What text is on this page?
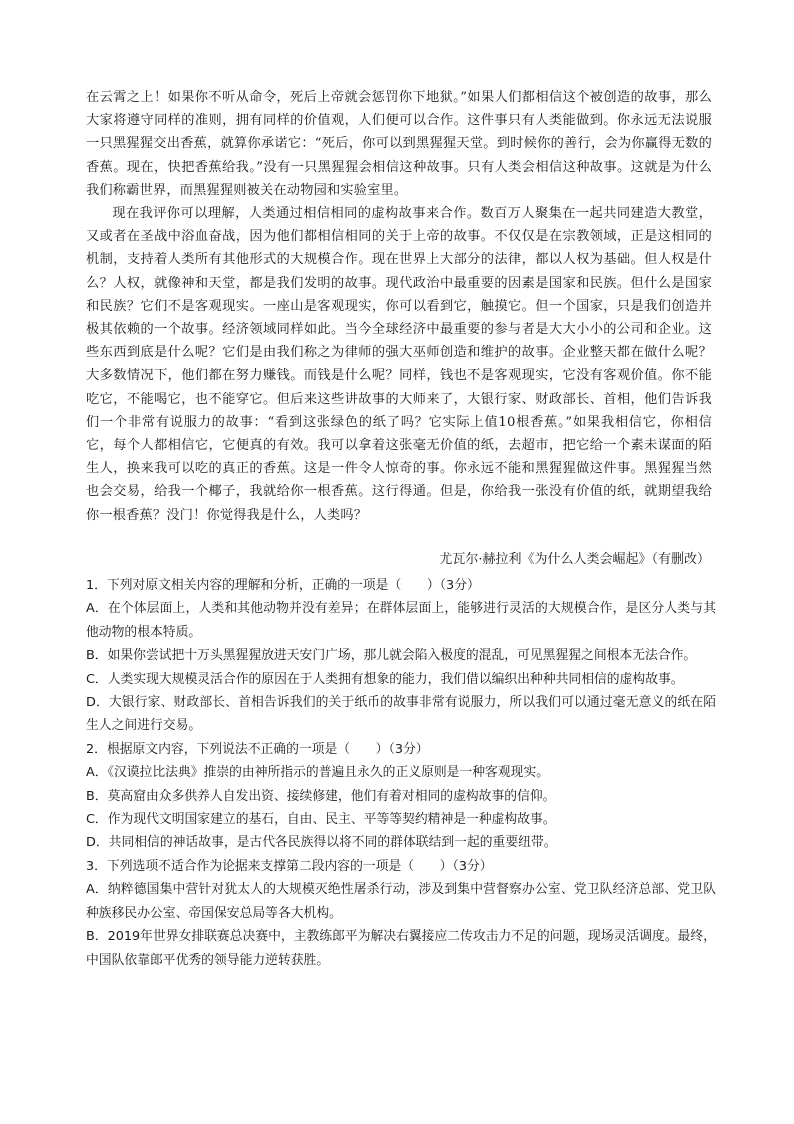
在云霄之上！如果你不听从命令，死后上帝就会惩罚你下地狱。”如果人们都相信这个被创造的故事，那么大家将遵守同样的准则，拥有同样的价值观，人们便可以合作。这件事只有人类能做到。你永远无法说服一只黑猩猩交出香蕉，就算你承诺它：“死后，你可以到黑猩猩天堂。到时候你的善行，会为你赢得无数的香蕉。现在，快把香蕉给我。”没有一只黑猩猩会相信这种故事。只有人类会相信这种故事。这就是为什么我们称霸世界，而黑猩猩则被关在动物园和实验室里。

现在我评你可以理解，人类通过相信相同的虚构故事来合作。数百万人聚集在一起共同建造大教堂，又或者在圣战中浴血奋战，因为他们都相信相同的关于上帝的故事。不仅仅是在宗教领域，正是这相同的机制，支持着人类所有其他形式的大规模合作。现在世界上大部分的法律，都以人权为基础。但人权是什么？人权，就像神和天堂，都是我们发明的故事。现代政治中最重要的因素是国家和民族。但什么是国家和民族？它们不是客观现实。一座山是客观现实，你可以看到它，触摸它。但一个国家，只是我们创造并极其依赖的一个故事。经济领域同样如此。当今全球经济中最重要的参与者是大大小小的公司和企业。这些东西到底是什么呢？它们是由我们称之为律师的强大巫师创造和维护的故事。企业整天都在做什么呢？大多数情况下，他们都在努力赚钱。而钱是什么呢？同样，钱也不是客观现实，它没有客观价值。你不能吃它，不能喝它，也不能穿它。但后来这些讲故事的大师来了，大银行家、财政部长、首相，他们告诉我们一个非常有说服力的故事：“看到这张绿色的纸了吗？它实际上值10根香蕉。”如果我相信它，你相信它，每个人都相信它，它便真的有效。我可以拿着这张毫无价值的纸，去超市，把它给一个素未谋面的陌生人，换来我可以吃的真正的香蕉。这是一件令人惊奇的事。你永远不能和黑猩猩做这件事。黑猩猩当然也会交易，给我一个椰子，我就给你一根香蕉。这行得通。但是，你给我一张没有价值的纸，就期望我给你一根香蕉？没门！你觉得我是什么，人类吗？

尤瓦尔·赫拉利《为什么人类会崛起》（有删改）

1．下列对原文相关内容的理解和分析，正确的一项是（　　）（3分）

A．在个体层面上，人类和其他动物并没有差异；在群体层面上，能够进行灵活的大规模合作，是区分人类与其他动物的根本特质。

B．如果你尝试把十万头黑猩猩放进天安门广场，那儿就会陷入极度的混乱，可见黑猩猩之间根本无法合作。

C．人类实现大规模灵活合作的原因在于人类拥有想象的能力，我们借以编织出种种共同相信的虚构故事。

D．大银行家、财政部长、首相告诉我们的关于纸币的故事非常有说服力，所以我们可以通过毫无意义的纸在陌生人之间进行交易。

2．根据原文内容，下列说法不正确的一项是（　　）（3分）

A．《汉谟拉比法典》推崇的由神所指示的普遍且永久的正义原则是一种客观现实。

B．莫高窟由众多供养人自发出资、接续修建，他们有着对相同的虚构故事的信仰。

C．作为现代文明国家建立的基石，自由、民主、平等等契约精神是一种虚构故事。

D．共同相信的神话故事，是古代各民族得以将不同的群体联结到一起的重要纽带。

3．下列选项不适合作为论据来支撑第二段内容的一项是（　　）（3分）

A．纳粹德国集中营针对犹太人的大规模灭绝性屠杀行动，涉及到集中营督察办公室、党卫队经济总部、党卫队种族移民办公室、帝国保安总局等各大机构。

B．2019年世界女排联赛总决赛中，主教练郎平为解决右翼接应二传攻击力不足的问题，现场灵活调度。最终，中国队依靠郎平优秀的领导能力逆转获胜。
